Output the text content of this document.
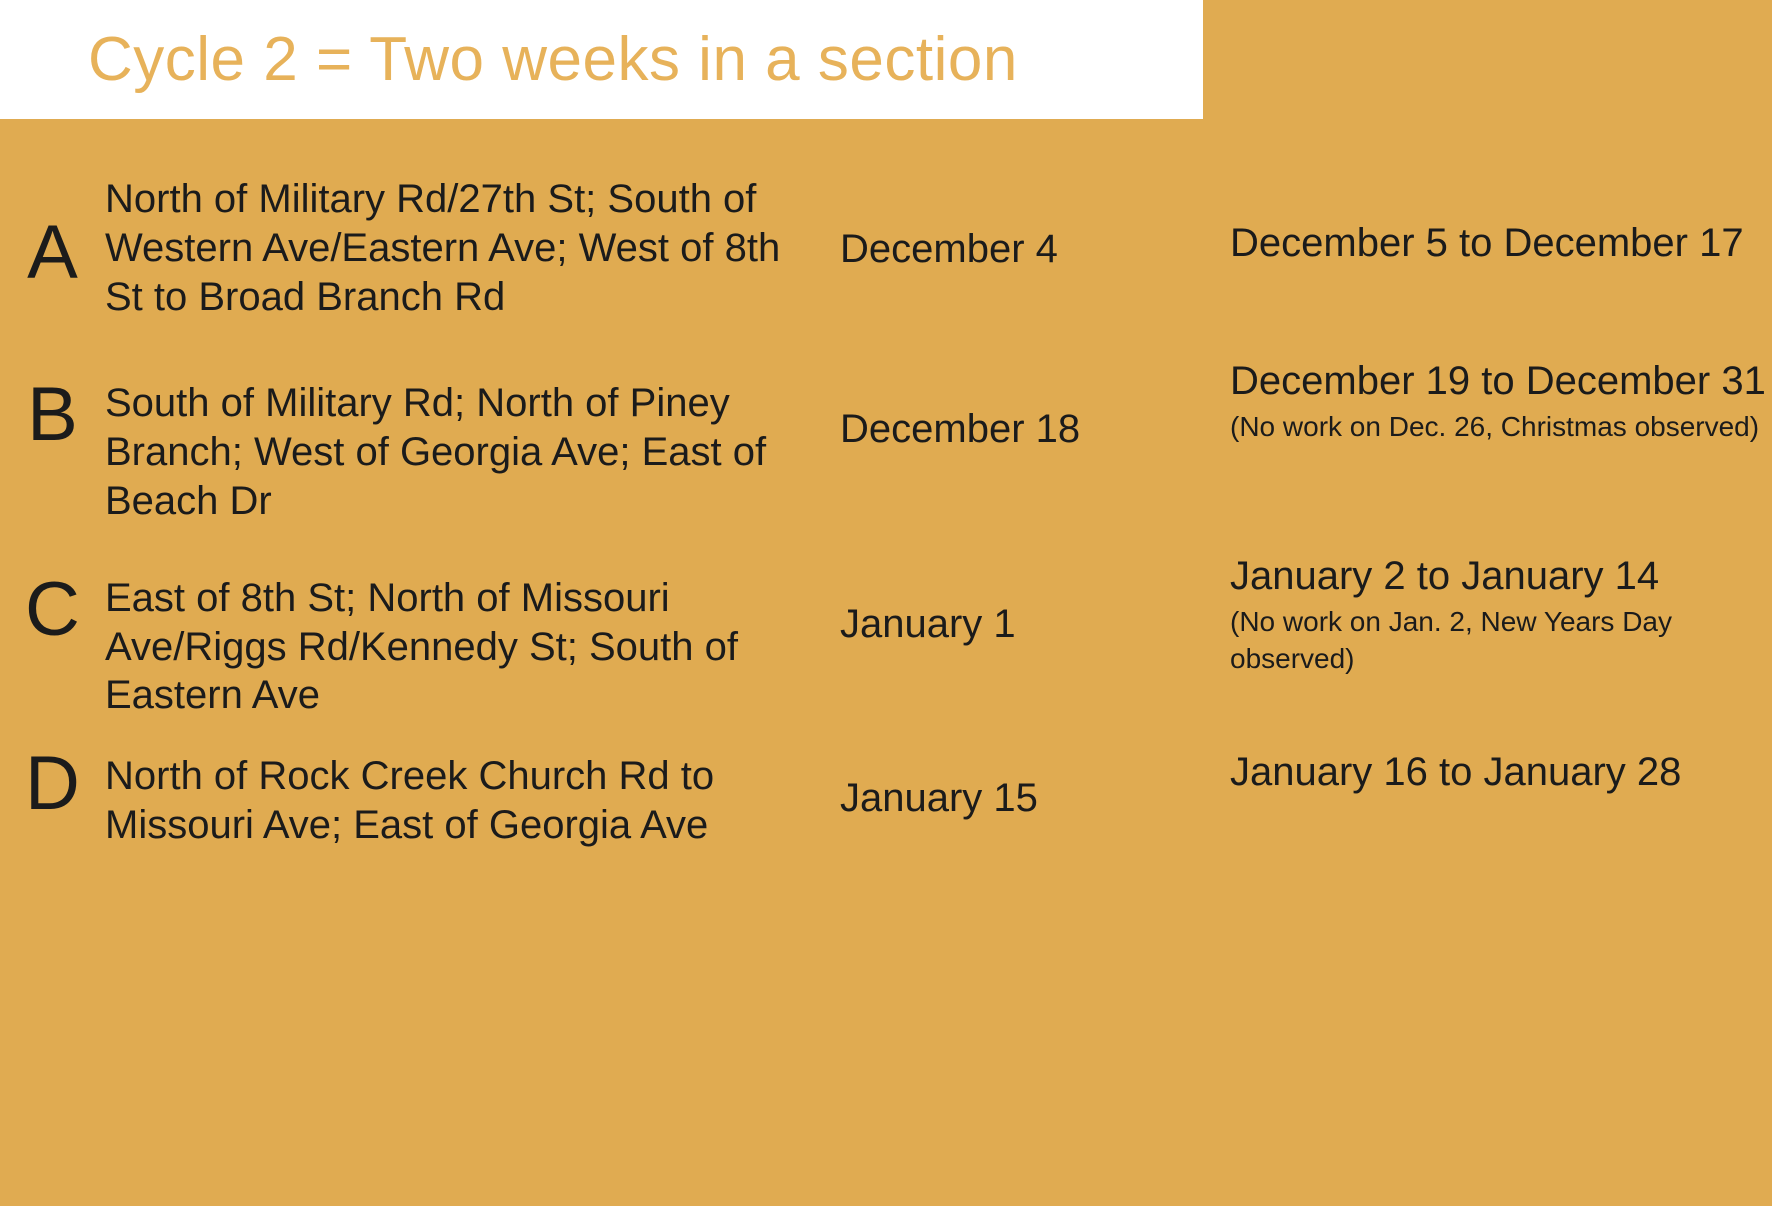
Cycle 2 = Two weeks in a section
A
North of Military Rd/27th St; South of Western Ave/Eastern Ave; West of 8th St to Broad Branch Rd
December 4	December 5 to December 17
B South of Military Rd; North of Piney Branch; West of Georgia Ave; East of Beach Dr
December 18
December 19 to December 31
(No work on Dec. 26, Christmas observed)
C East of 8th St; North of Missouri Ave/Riggs Rd/Kennedy St; South of Eastern Ave
January 1
January 2 to January 14
(No work on Jan. 2, New Years Day observed)
D North of Rock Creek Church Rd to Missouri Ave; East of Georgia Ave
January 15
January 16 to January 28
